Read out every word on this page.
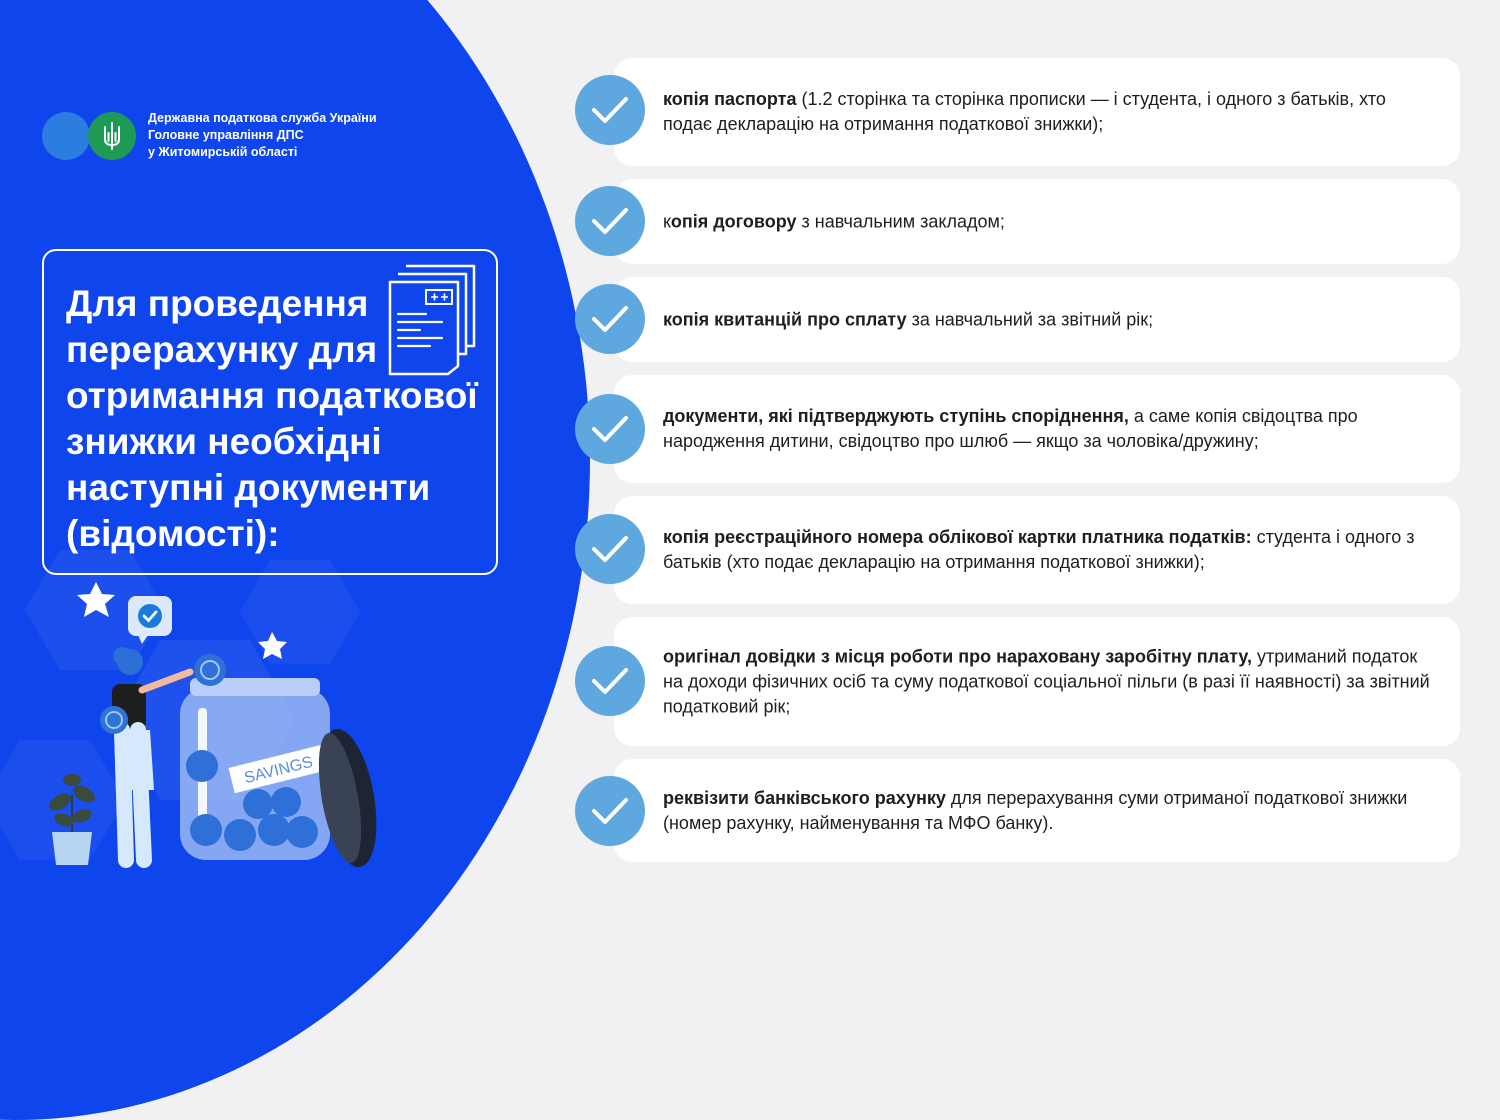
Державна податкова служба України
Головне управління ДПС
у Житомирській області

Для проведення перерахунку для отримання податкової знижки необхідні наступні документи (відомості):

SAVINGS
копія паспорта (1.2 сторінка та сторінка прописки — і студента, і одного з батьків, хто подає декларацію на отримання податкової знижки);
копія договору з навчальним закладом;
копія квитанцій про сплату за навчальний за звітний рік;
документи, які підтверджують ступінь споріднення, а саме копія свідоцтва про народження дитини, свідоцтво про шлюб — якщо за чоловіка/дружину;
копія реєстраційного номера облікової картки платника податків: студента і одного з батьків (хто подає декларацію на отримання податкової знижки);
оригінал довідки з місця роботи про нараховану заробітну плату, утриманий податок на доходи фізичних осіб та суму податкової соціальної пільги (в разі її наявності) за звітний податковий рік;
реквізити банківського рахунку для перерахування суми отриманої податкової знижки (номер рахунку, найменування та МФО банку).
